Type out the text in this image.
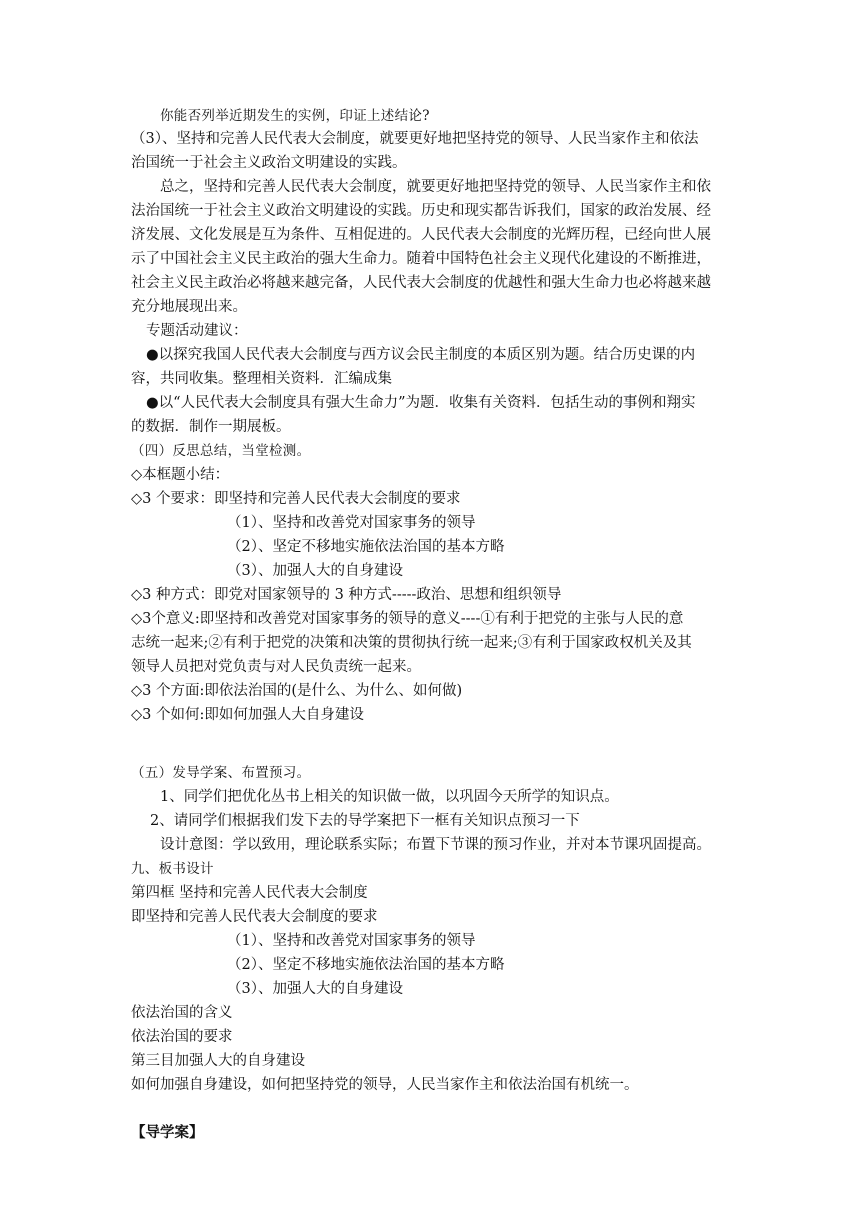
你能否列举近期发生的实例，印证上述结论?

（3）、坚持和完善人民代表大会制度，就要更好地把坚持党的领导、人民当家作主和依法

治国统一于社会主义政治文明建设的实践。

总之，坚持和完善人民代表大会制度，就要更好地把坚持党的领导、人民当家作主和依

法治国统一于社会主义政治文明建设的实践。历史和现实都告诉我们，国家的政治发展、经

济发展、文化发展是互为条件、互相促进的。人民代表大会制度的光辉历程，已经向世人展

示了中国社会主义民主政治的强大生命力。随着中国特色社会主义现代化建设的不断推进，

社会主义民主政治必将越来越完备，人民代表大会制度的优越性和强大生命力也必将越来越

充分地展现出来。

专题活动建议：

●以探究我国人民代表大会制度与西方议会民主制度的本质区别为题。结合历史课的内

容，共同收集。整理相关资料．汇编成集

●以“人民代表大会制度具有强大生命力”为题．收集有关资料．包括生动的事例和翔实

的数据．制作一期展板。

（四）反思总结，当堂检测。

◇本框题小结：

◇3 个要求：即坚持和完善人民代表大会制度的要求

（1）、坚持和改善党对国家事务的领导

（2）、坚定不移地实施依法治国的基本方略

（3）、加强人大的自身建设

◇3 种方式：即党对国家领导的 3 种方式-----政治、思想和组织领导

◇3个意义:即坚持和改善党对国家事务的领导的意义----①有利于把党的主张与人民的意

志统一起来;②有利于把党的决策和决策的贯彻执行统一起来;③有利于国家政权机关及其

领导人员把对党负责与对人民负责统一起来。

◇3 个方面:即依法治国的(是什么、为什么、如何做)

◇3 个如何:即如何加强人大自身建设

（五）发导学案、布置预习。

1、同学们把优化丛书上相关的知识做一做，以巩固今天所学的知识点。

2、请同学们根据我们发下去的导学案把下一框有关知识点预习一下

设计意图：学以致用，理论联系实际；布置下节课的预习作业，并对本节课巩固提高。

九、板书设计

第四框 坚持和完善人民代表大会制度

即坚持和完善人民代表大会制度的要求

（1）、坚持和改善党对国家事务的领导

（2）、坚定不移地实施依法治国的基本方略

（3）、加强人大的自身建设

依法治国的含义

依法治国的要求

第三目加强人大的自身建设

如何加强自身建设，如何把坚持党的领导，人民当家作主和依法治国有机统一。

【导学案】
